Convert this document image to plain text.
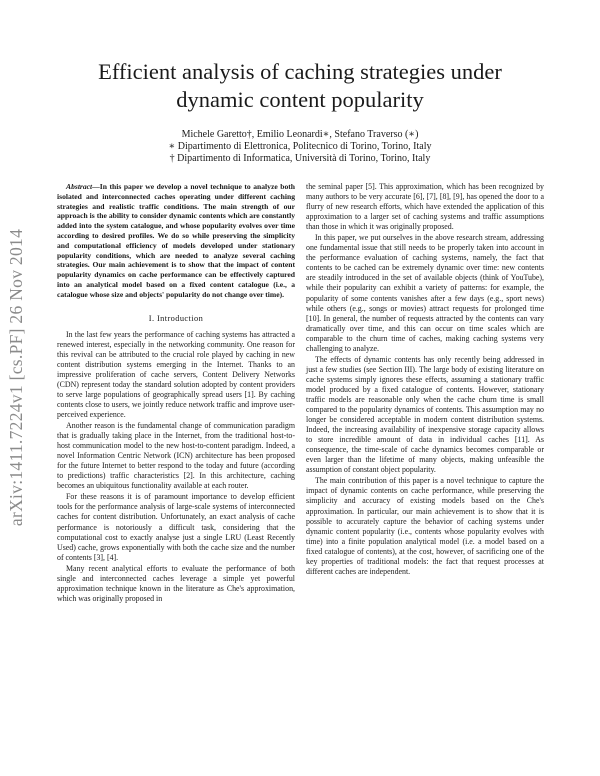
arXiv:1411.7224v1 [cs.PF] 26 Nov 2014
Efficient analysis of caching strategies under
dynamic content popularity
Michele Garetto†, Emilio Leonardi∗, Stefano Traverso (∗)
∗ Dipartimento di Elettronica, Politecnico di Torino, Torino, Italy
† Dipartimento di Informatica, Università di Torino, Torino, Italy

Abstract—In this paper we develop a novel technique to analyze both isolated and interconnected caches operating under different caching strategies and realistic traffic conditions. The main strength of our approach is the ability to consider dynamic contents which are constantly added into the system catalogue, and whose popularity evolves over time according to desired profiles. We do so while preserving the simplicity and computational efficiency of models developed under stationary popularity conditions, which are needed to analyze several caching strategies. Our main achievement is to show that the impact of content popularity dynamics on cache performance can be effectively captured into an analytical model based on a fixed content catalogue (i.e., a catalogue whose size and objects' popularity do not change over time).

I. Introduction

In the last few years the performance of caching systems has attracted a renewed interest, especially in the networking community. One reason for this revival can be attributed to the crucial role played by caching in new content distribution systems emerging in the Internet. Thanks to an impressive proliferation of cache servers, Content Delivery Networks (CDN) represent today the standard solution adopted by content providers to serve large populations of geographically spread users [1]. By caching contents close to users, we jointly reduce network traffic and improve user-perceived experience.

Another reason is the fundamental change of communication paradigm that is gradually taking place in the Internet, from the traditional host-to-host communication model to the new host-to-content paradigm. Indeed, a novel Information Centric Network (ICN) architecture has been proposed for the future Internet to better respond to the today and future (according to predictions) traffic characteristics [2]. In this architecture, caching becomes an ubiquitous functionality available at each router.

For these reasons it is of paramount importance to develop efficient tools for the performance analysis of large-scale systems of interconnected caches for content distribution. Unfortunately, an exact analysis of cache performance is notoriously a difficult task, considering that the computational cost to exactly analyse just a single LRU (Least Recently Used) cache, grows exponentially with both the cache size and the number of contents [3], [4].

Many recent analytical efforts to evaluate the performance of both single and interconnected caches leverage a simple yet powerful approximation technique known in the literature as Che's approximation, which was originally proposed in

the seminal paper [5]. This approximation, which has been recognized by many authors to be very accurate [6], [7], [8], [9], has opened the door to a flurry of new research efforts, which have extended the application of this approximation to a larger set of caching systems and traffic assumptions than those in which it was originally proposed.

In this paper, we put ourselves in the above research stream, addressing one fundamental issue that still needs to be properly taken into account in the performance evaluation of caching systems, namely, the fact that contents to be cached can be extremely dynamic over time: new contents are steadily introduced in the set of available objects (think of YouTube), while their popularity can exhibit a variety of patterns: for example, the popularity of some contents vanishes after a few days (e.g., sport news) while others (e.g., songs or movies) attract requests for prolonged time [10]. In general, the number of requests attracted by the contents can vary dramatically over time, and this can occur on time scales which are comparable to the churn time of caches, making caching systems very challenging to analyze.

The effects of dynamic contents has only recently being addressed in just a few studies (see Section III). The large body of existing literature on cache systems simply ignores these effects, assuming a stationary traffic model produced by a fixed catalogue of contents. However, stationary traffic models are reasonable only when the cache churn time is small compared to the popularity dynamics of contents. This assumption may no longer be considered acceptable in modern content distribution systems. Indeed, the increasing availability of inexpensive storage capacity allows to store incredible amount of data in individual caches [11]. As consequence, the time-scale of cache dynamics becomes comparable or even larger than the lifetime of many objects, making unfeasible the assumption of constant object popularity.

The main contribution of this paper is a novel technique to capture the impact of dynamic contents on cache performance, while preserving the simplicity and accuracy of existing models based on the Che's approximation. In particular, our main achievement is to show that it is possible to accurately capture the behavior of caching systems under dynamic content popularity (i.e., contents whose popularity evolves with time) into a finite population analytical model (i.e. a model based on a fixed catalogue of contents), at the cost, however, of sacrificing one of the key properties of traditional models: the fact that request processes at different caches are independent.
